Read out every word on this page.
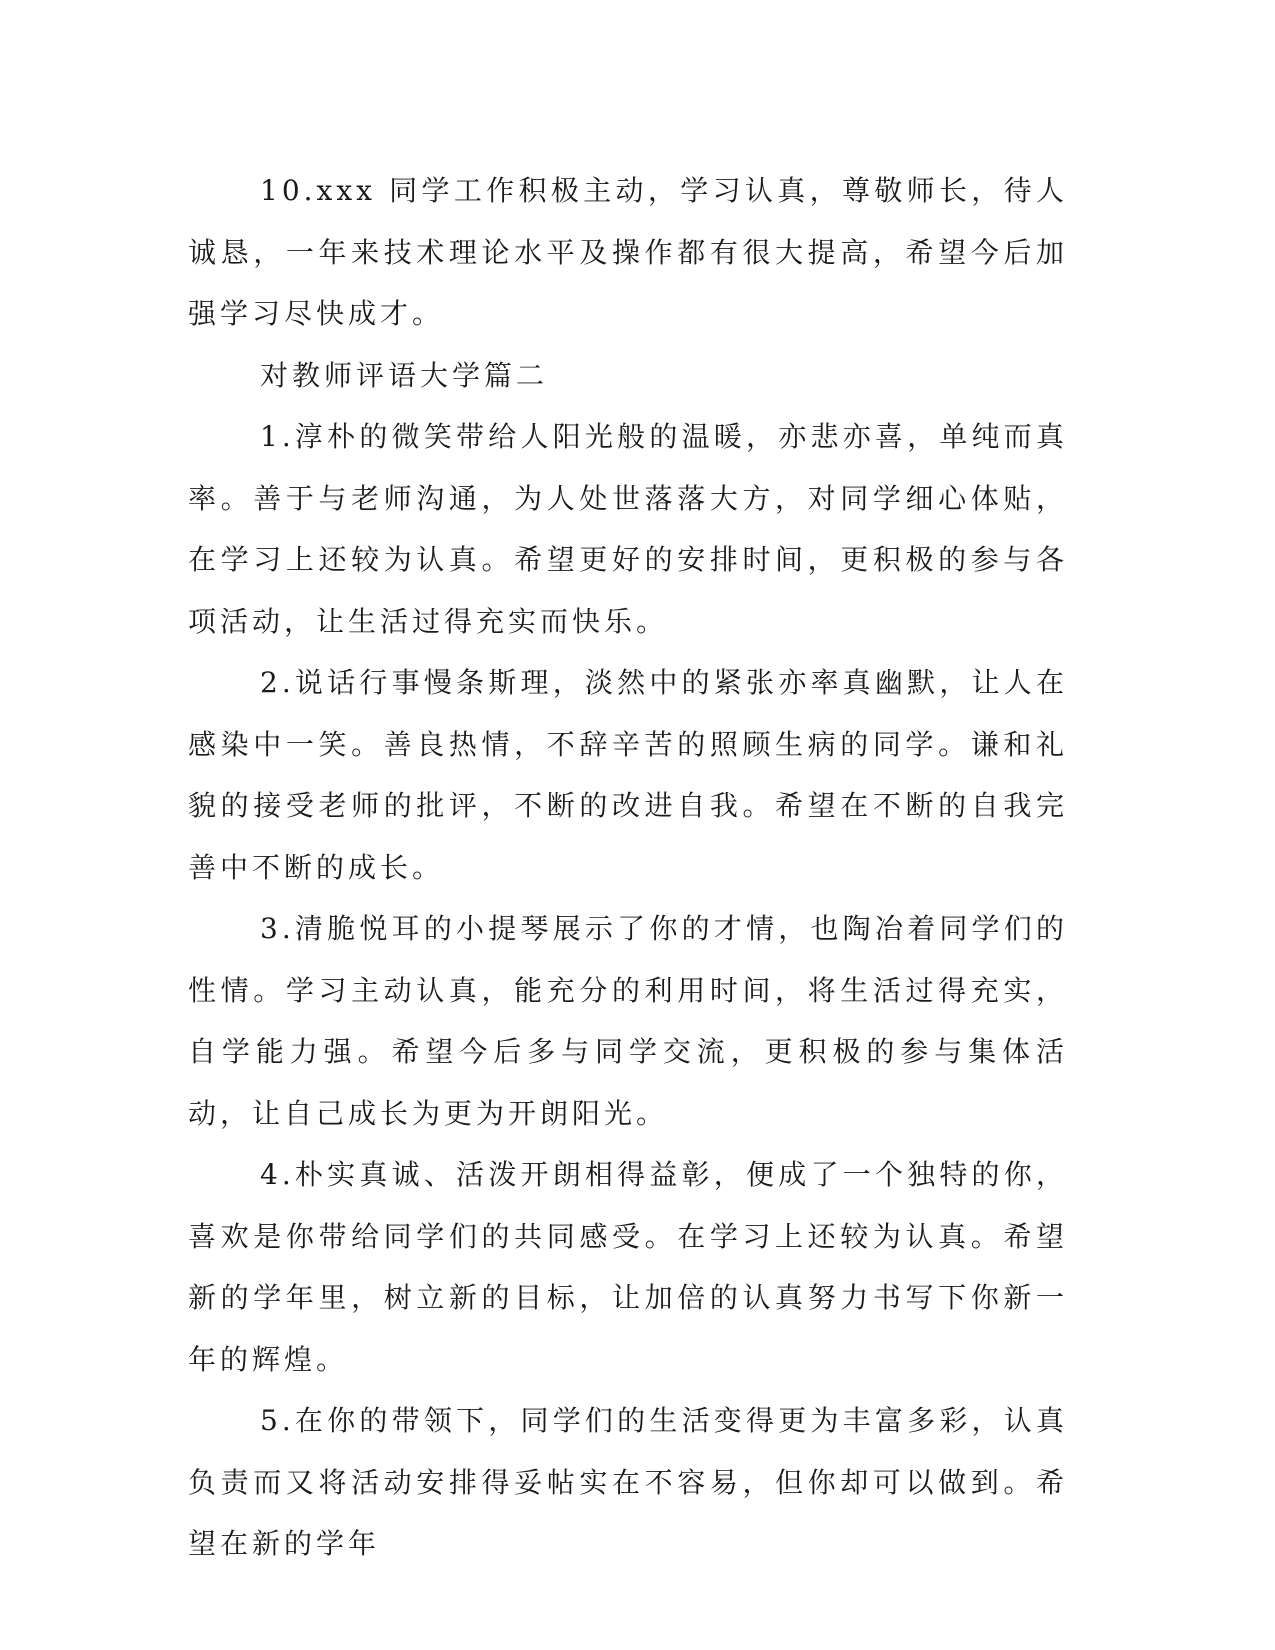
10.xxx 同学工作积极主动，学习认真，尊敬师长，待人诚恳，一年来技术理论水平及操作都有很大提高，希望今后加强学习尽快成才。

对教师评语大学篇二

1.淳朴的微笑带给人阳光般的温暖，亦悲亦喜，单纯而真率。善于与老师沟通，为人处世落落大方，对同学细心体贴，在学习上还较为认真。希望更好的安排时间，更积极的参与各项活动，让生活过得充实而快乐。

2.说话行事慢条斯理，淡然中的紧张亦率真幽默，让人在感染中一笑。善良热情，不辞辛苦的照顾生病的同学。谦和礼貌的接受老师的批评，不断的改进自我。希望在不断的自我完善中不断的成长。

3.清脆悦耳的小提琴展示了你的才情，也陶冶着同学们的性情。学习主动认真，能充分的利用时间，将生活过得充实，自学能力强。希望今后多与同学交流，更积极的参与集体活动，让自己成长为更为开朗阳光。

4.朴实真诚、活泼开朗相得益彰，便成了一个独特的你，喜欢是你带给同学们的共同感受。在学习上还较为认真。希望新的学年里，树立新的目标，让加倍的认真努力书写下你新一年的辉煌。

5.在你的带领下，同学们的生活变得更为丰富多彩，认真负责而又将活动安排得妥帖实在不容易，但你却可以做到。希望在新的学年
